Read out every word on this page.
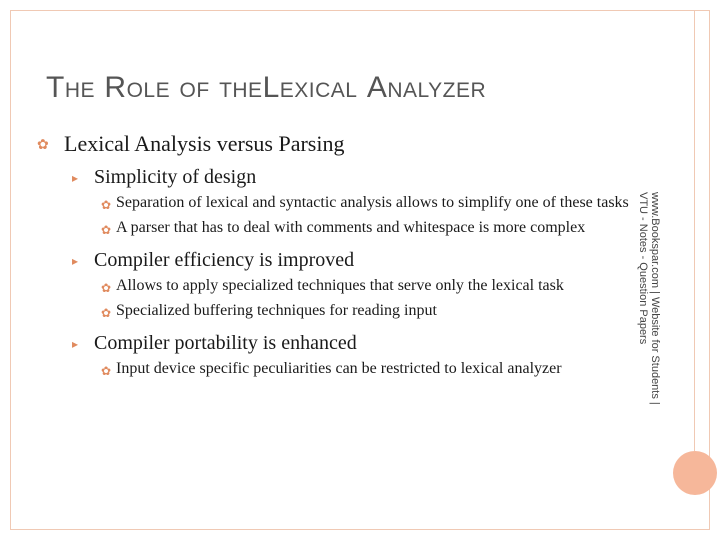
THE ROLE OF THELEXICAL ANALYZER
✿ Lexical Analysis versus Parsing
▸ Simplicity of design
✿ Separation of lexical and syntactic analysis allows to simplify one of these tasks
✿ A parser that has to deal with comments and whitespace is more complex
▸ Compiler efficiency is improved
✿ Allows to apply specialized techniques that serve only the lexical task
✿ Specialized buffering techniques for reading input
▸ Compiler portability is enhanced
✿ Input device specific peculiarities can be restricted to lexical analyzer	www.Bookspar.com | Website for Students |
VTU - Notes - Question Papers
